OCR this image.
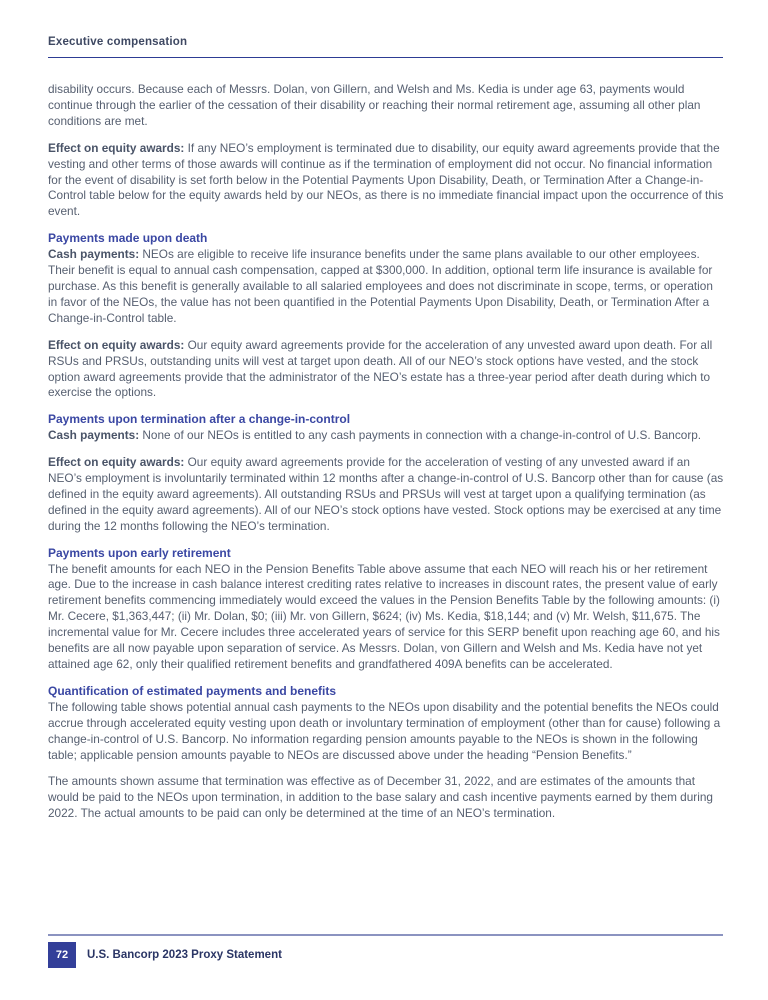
Executive compensation

disability occurs. Because each of Messrs. Dolan, von Gillern, and Welsh and Ms. Kedia is under age 63, payments would continue through the earlier of the cessation of their disability or reaching their normal retirement age, assuming all other plan conditions are met.

Effect on equity awards: If any NEO’s employment is terminated due to disability, our equity award agreements provide that the vesting and other terms of those awards will continue as if the termination of employment did not occur. No financial information for the event of disability is set forth below in the Potential Payments Upon Disability, Death, or Termination After a Change-in-Control table below for the equity awards held by our NEOs, as there is no immediate financial impact upon the occurrence of this event.

Payments made upon death

Cash payments: NEOs are eligible to receive life insurance benefits under the same plans available to our other employees. Their benefit is equal to annual cash compensation, capped at $300,000. In addition, optional term life insurance is available for purchase. As this benefit is generally available to all salaried employees and does not discriminate in scope, terms, or operation in favor of the NEOs, the value has not been quantified in the Potential Payments Upon Disability, Death, or Termination After a Change-in-Control table.

Effect on equity awards: Our equity award agreements provide for the acceleration of any unvested award upon death. For all RSUs and PRSUs, outstanding units will vest at target upon death. All of our NEO’s stock options have vested, and the stock option award agreements provide that the administrator of the NEO’s estate has a three-year period after death during which to exercise the options.

Payments upon termination after a change-in-control

Cash payments: None of our NEOs is entitled to any cash payments in connection with a change-in-control of U.S. Bancorp.

Effect on equity awards: Our equity award agreements provide for the acceleration of vesting of any unvested award if an NEO’s employment is involuntarily terminated within 12 months after a change-in-control of U.S. Bancorp other than for cause (as defined in the equity award agreements). All outstanding RSUs and PRSUs will vest at target upon a qualifying termination (as defined in the equity award agreements). All of our NEO’s stock options have vested. Stock options may be exercised at any time during the 12 months following the NEO’s termination.

Payments upon early retirement

The benefit amounts for each NEO in the Pension Benefits Table above assume that each NEO will reach his or her retirement age. Due to the increase in cash balance interest crediting rates relative to increases in discount rates, the present value of early retirement benefits commencing immediately would exceed the values in the Pension Benefits Table by the following amounts: (i) Mr. Cecere, $1,363,447; (ii) Mr. Dolan, $0; (iii) Mr. von Gillern, $624; (iv) Ms. Kedia, $18,144; and (v) Mr. Welsh, $11,675. The incremental value for Mr. Cecere includes three accelerated years of service for this SERP benefit upon reaching age 60, and his benefits are all now payable upon separation of service. As Messrs. Dolan, von Gillern and Welsh and Ms. Kedia have not yet attained age 62, only their qualified retirement benefits and grandfathered 409A benefits can be accelerated.

Quantification of estimated payments and benefits

The following table shows potential annual cash payments to the NEOs upon disability and the potential benefits the NEOs could accrue through accelerated equity vesting upon death or involuntary termination of employment (other than for cause) following a change-in-control of U.S. Bancorp. No information regarding pension amounts payable to the NEOs is shown in the following table; applicable pension amounts payable to NEOs are discussed above under the heading “Pension Benefits.”

The amounts shown assume that termination was effective as of December 31, 2022, and are estimates of the amounts that would be paid to the NEOs upon termination, in addition to the base salary and cash incentive payments earned by them during 2022. The actual amounts to be paid can only be determined at the time of an NEO’s termination.

72	U.S. Bancorp 2023 Proxy Statement
